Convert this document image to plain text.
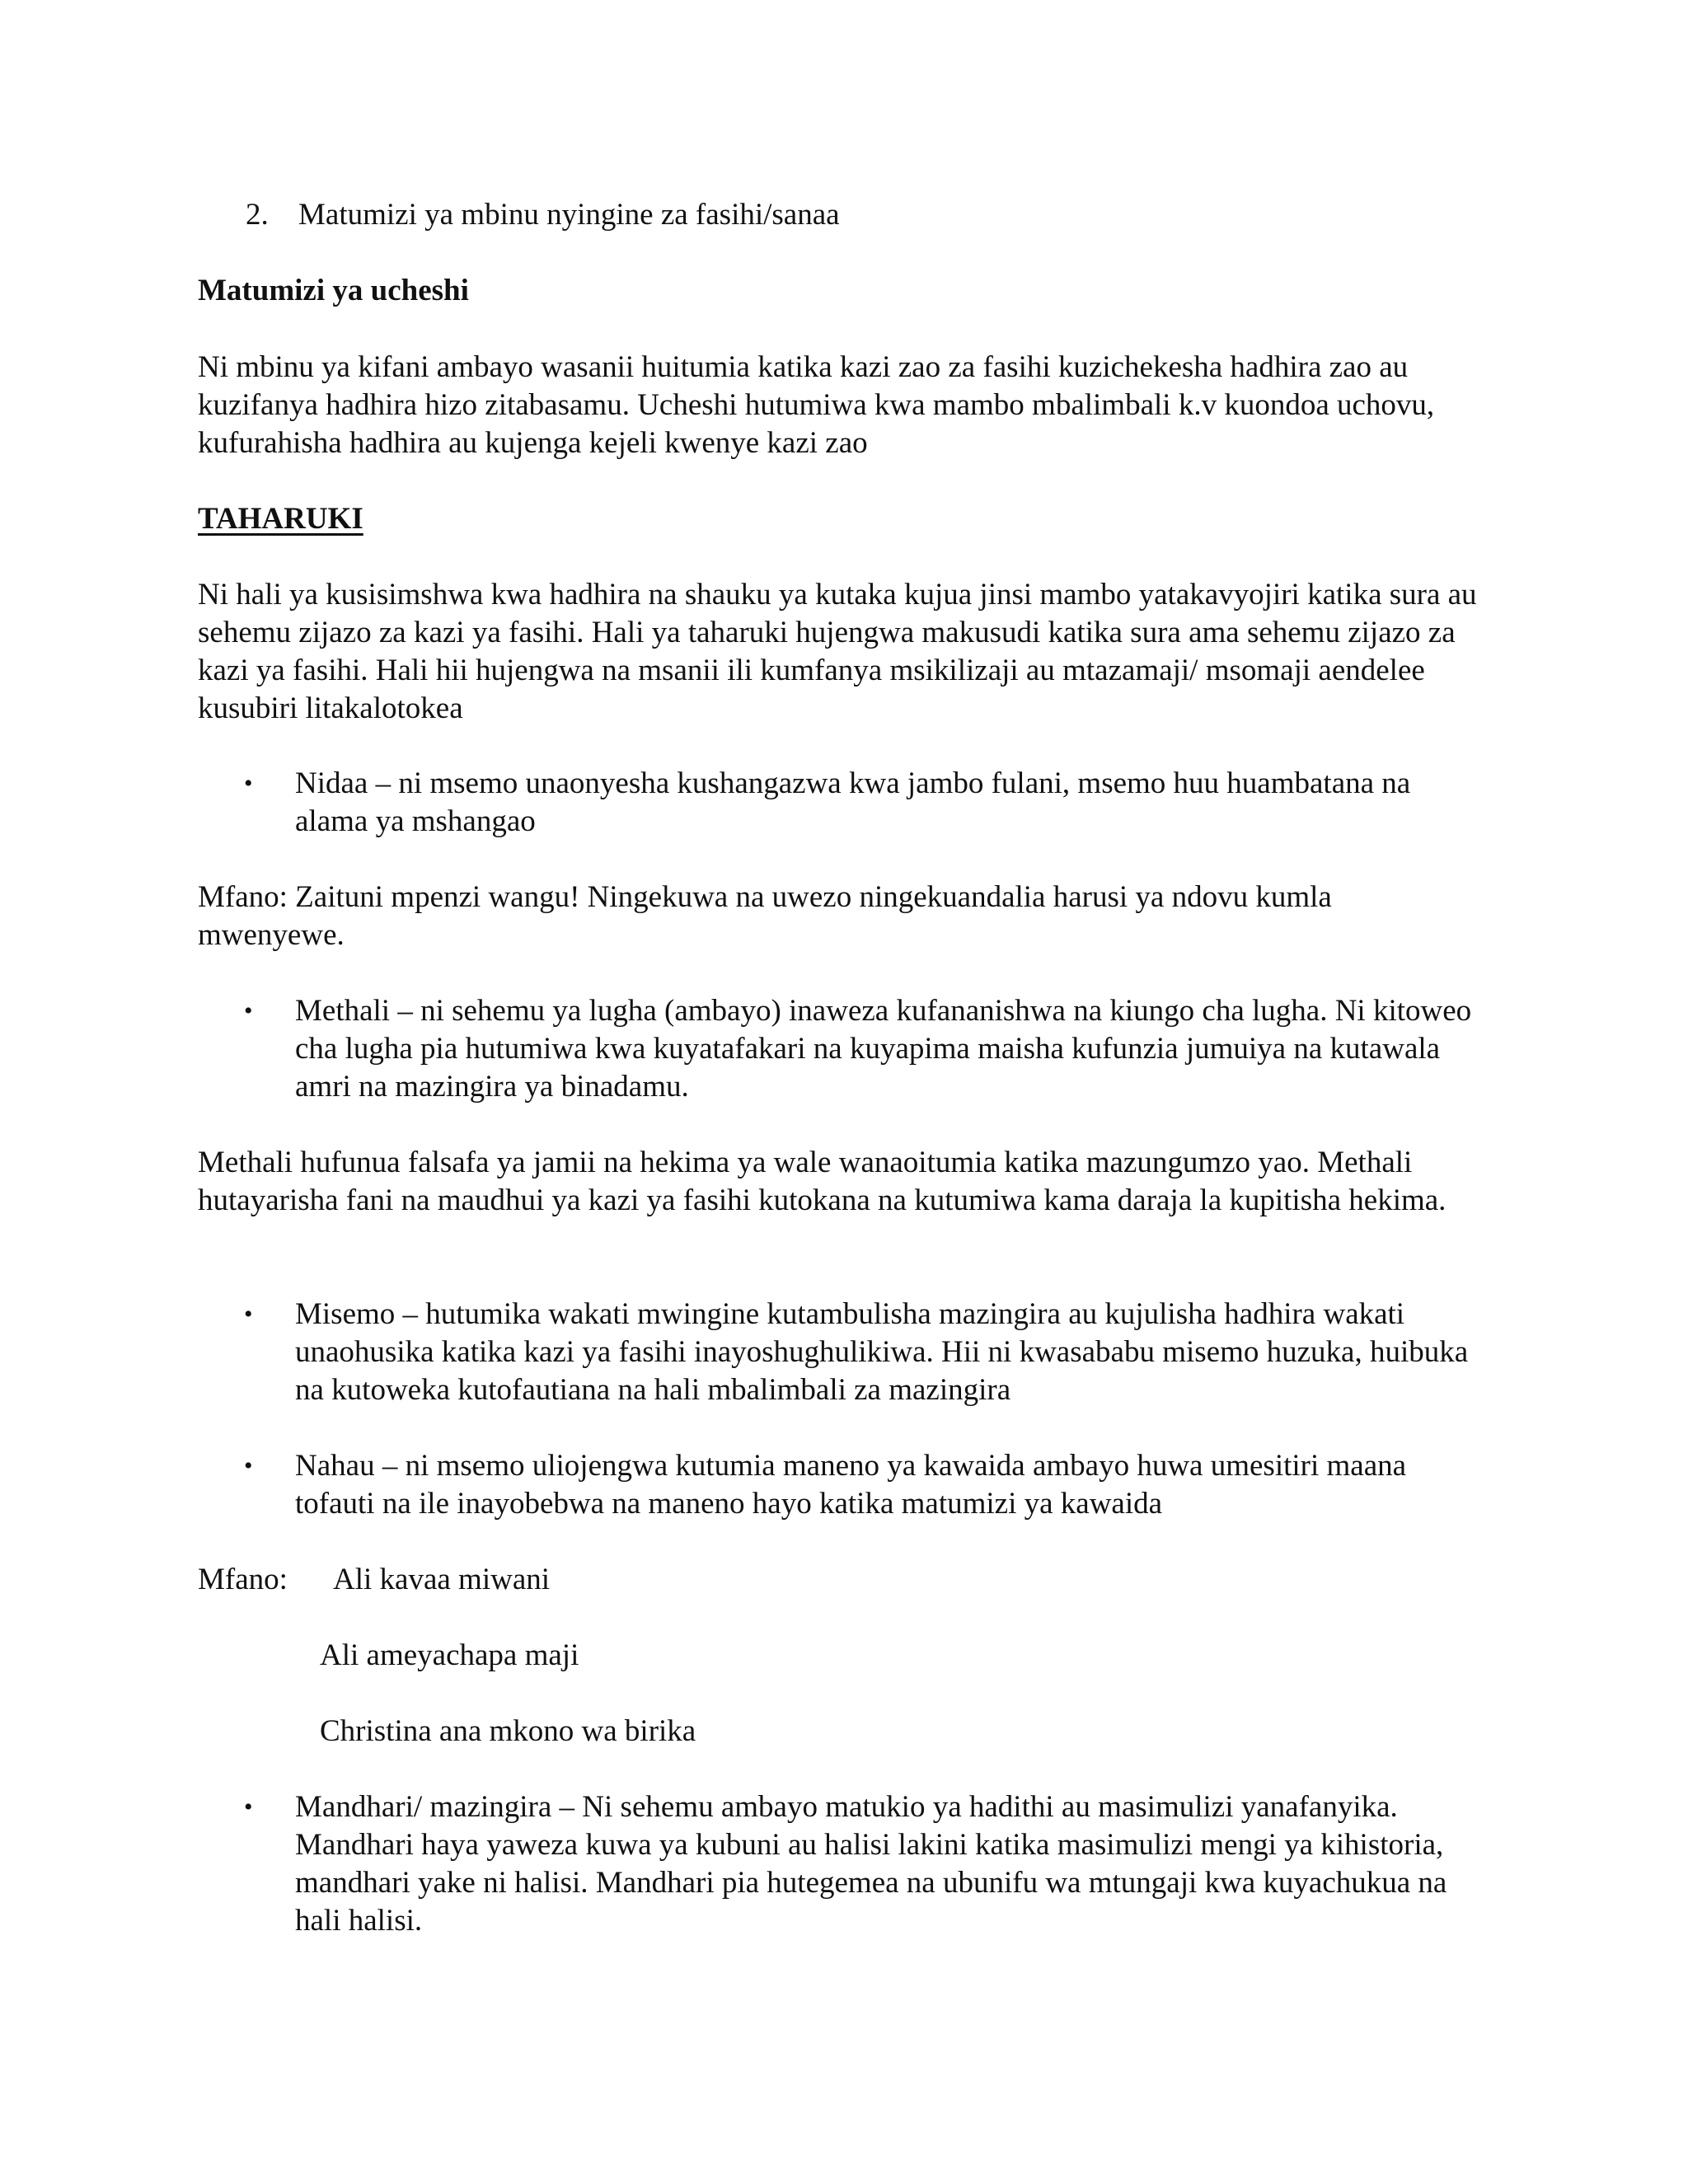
2. Matumizi ya mbinu nyingine za fasihi/sanaa

Matumizi ya ucheshi

Ni mbinu ya kifani ambayo wasanii huitumia katika kazi zao za fasihi kuzichekesha hadhira zao au kuzifanya hadhira hizo zitabasamu. Ucheshi hutumiwa kwa mambo mbalimbali k.v kuondoa uchovu, kufurahisha hadhira au kujenga kejeli kwenye kazi zao

TAHARUKI

Ni hali ya kusisimshwa kwa hadhira na shauku ya kutaka kujua jinsi mambo yatakavyojiri katika sura au sehemu zijazo za kazi ya fasihi. Hali ya taharuki hujengwa makusudi katika sura ama sehemu zijazo za kazi ya fasihi. Hali hii hujengwa na msanii ili kumfanya msikilizaji au mtazamaji/ msomaji aendelee kusubiri litakalotokea

• Nidaa – ni msemo unaonyesha kushangazwa kwa jambo fulani, msemo huu huambatana na alama ya mshangao

Mfano: Zaituni mpenzi wangu! Ningekuwa na uwezo ningekuandalia harusi ya ndovu kumla mwenyewe.

• Methali – ni sehemu ya lugha (ambayo) inaweza kufananishwa na kiungo cha lugha. Ni kitoweo cha lugha pia hutumiwa kwa kuyatafakari na kuyapima maisha kufunzia jumuiya na kutawala amri na mazingira ya binadamu.

Methali hufunua falsafa ya jamii na hekima ya wale wanaoitumia katika mazungumzo yao. Methali hutayarisha fani na maudhui ya kazi ya fasihi kutokana na kutumiwa kama daraja la kupitisha hekima.

• Misemo – hutumika wakati mwingine kutambulisha mazingira au kujulisha hadhira wakati unaohusika katika kazi ya fasihi inayoshughulikiwa. Hii ni kwasababu misemo huzuka, huibuka na kutoweka kutofautiana na hali mbalimbali za mazingira
• Nahau – ni msemo uliojengwa kutumia maneno ya kawaida ambayo huwa umesitiri maana tofauti na ile inayobebwa na maneno hayo katika matumizi ya kawaida
Mfano: Ali kavaa miwani
Ali ameyachapa maji
Christina ana mkono wa birika
• Mandhari/ mazingira – Ni sehemu ambayo matukio ya hadithi au masimulizi yanafanyika. Mandhari haya yaweza kuwa ya kubuni au halisi lakini katika masimulizi mengi ya kihistoria, mandhari yake ni halisi. Mandhari pia hutegemea na ubunifu wa mtungaji kwa kuyachukua na hali halisi.
